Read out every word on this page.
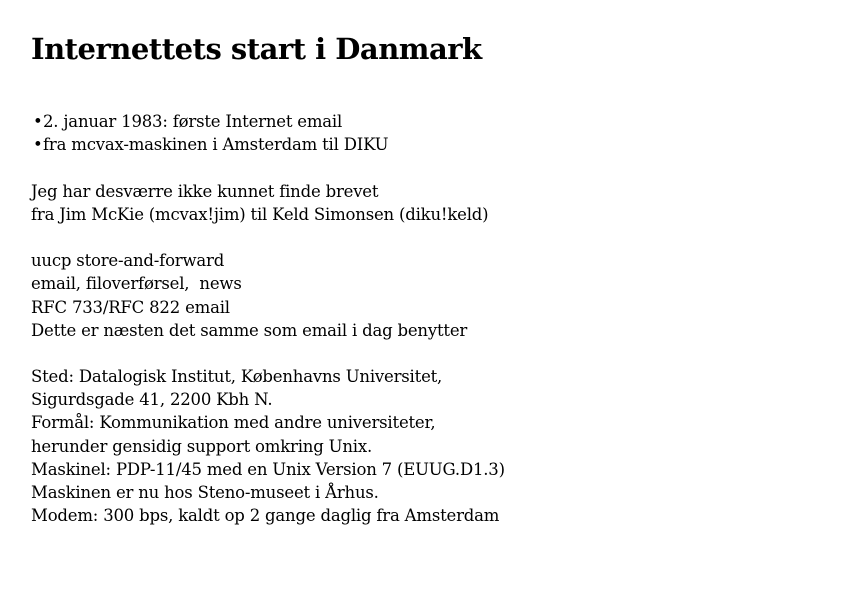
Internettets start i Danmark
•2. januar 1983: første Internet email
•fra mcvax-maskinen i Amsterdam til DIKU
Jeg har desværre ikke kunnet finde brevet
fra Jim McKie (mcvax!jim) til Keld Simonsen (diku!keld)
uucp store-and-forward
email, filoverførsel,  news
RFC 733/RFC 822 email
Dette er næsten det samme som email i dag benytter
Sted: Datalogisk Institut, Københavns Universitet,
Sigurdsgade 41, 2200 Kbh N.
Formål: Kommunikation med andre universiteter,
herunder gensidig support omkring Unix.
Maskinel: PDP-11/45 med en Unix Version 7 (EUUG.D1.3)
Maskinen er nu hos Steno-museet i Århus.
Modem: 300 bps, kaldt op 2 gange daglig fra Amsterdam
